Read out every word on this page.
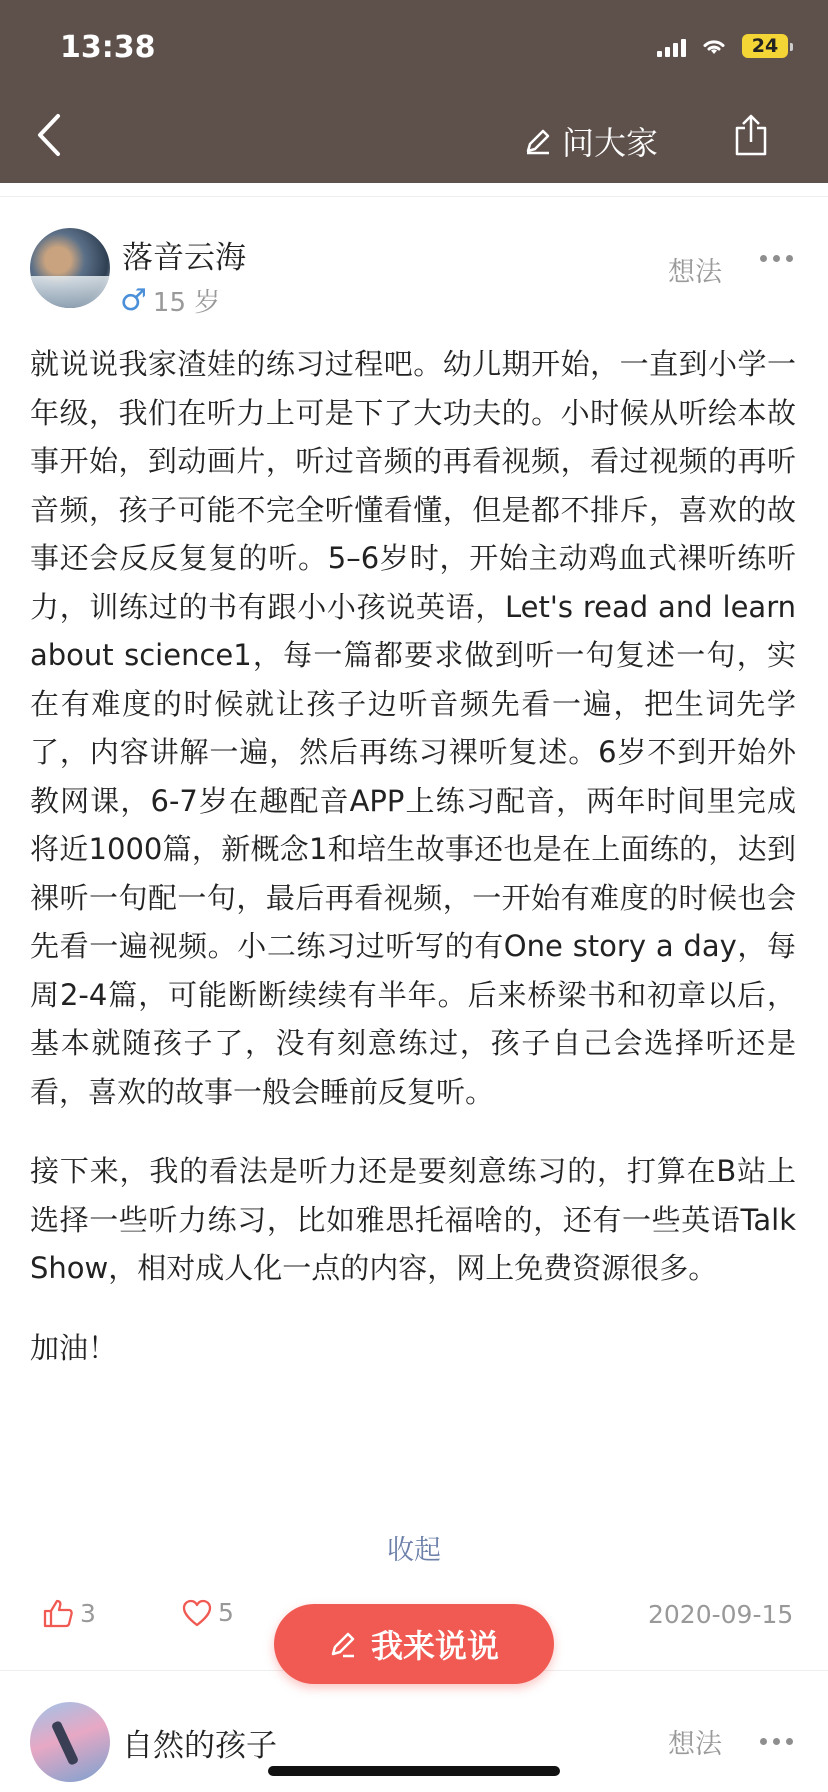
13:38	24
问大家
落音云海
♂ 15 岁
想法

就说说我家渣娃的练习过程吧。幼儿期开始，一直到小学一年级，我们在听力上可是下了大功夫的。小时候从听绘本故事开始，到动画片，听过音频的再看视频，看过视频的再听音频，孩子可能不完全听懂看懂，但是都不排斥，喜欢的故事还会反反复复的听。5–6岁时，开始主动鸡血式裸听练听力，训练过的书有跟小小孩说英语，Let's read and learn about science1，每一篇都要求做到听一句复述一句，实在有难度的时候就让孩子边听音频先看一遍，把生词先学了，内容讲解一遍，然后再练习裸听复述。6岁不到开始外教网课，6-7岁在趣配音APP上练习配音，两年时间里完成将近1000篇，新概念1和培生故事还也是在上面练的，达到裸听一句配一句，最后再看视频，一开始有难度的时候也会先看一遍视频。小二练习过听写的有One story a day，每周2-4篇，可能断断续续有半年。后来桥梁书和初章以后，基本就随孩子了，没有刻意练过，孩子自己会选择听还是看，喜欢的故事一般会睡前反复听。

接下来，我的看法是听力还是要刻意练习的，打算在B站上选择一些听力练习，比如雅思托福啥的，还有一些英语Talk Show，相对成人化一点的内容，网上免费资源很多。

加油！

收起
3	5	2020-09-15
自然的孩子	想法
我来说说
